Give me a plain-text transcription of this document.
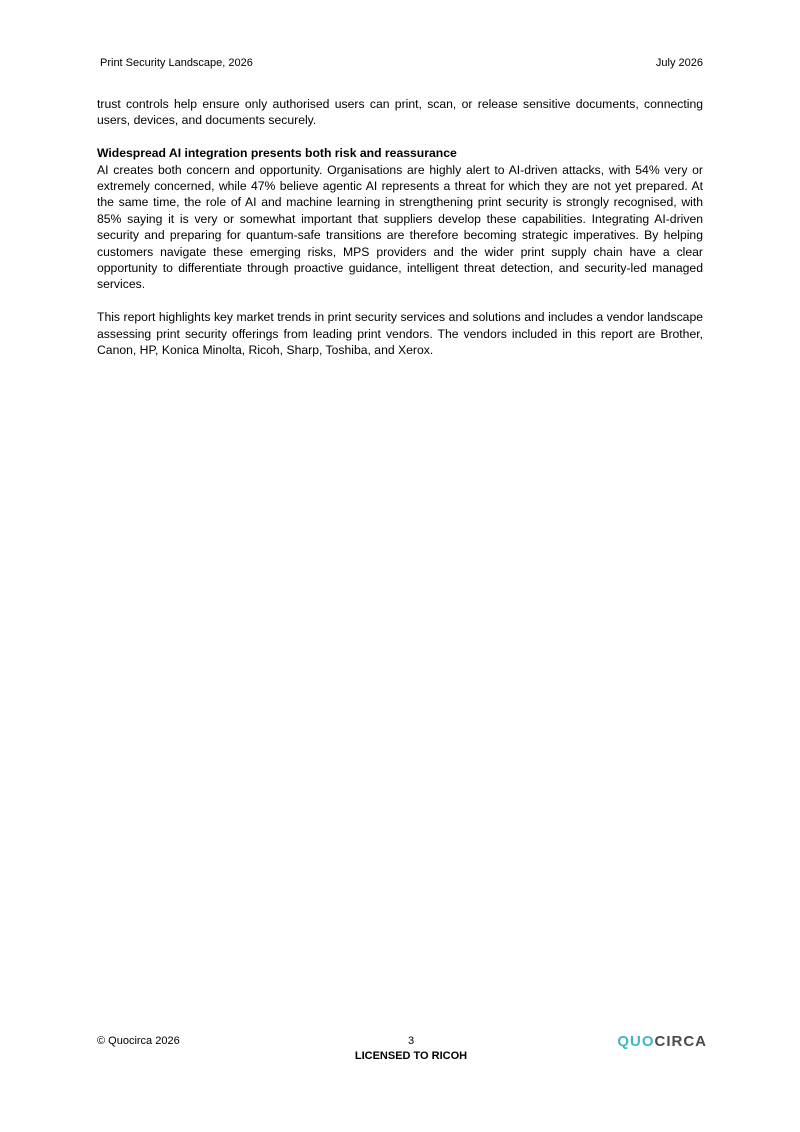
Print Security Landscape, 2026	July 2026

trust controls help ensure only authorised users can print, scan, or release sensitive documents, connecting users, devices, and documents securely.

Widespread AI integration presents both risk and reassurance

AI creates both concern and opportunity. Organisations are highly alert to AI-driven attacks, with 54% very or extremely concerned, while 47% believe agentic AI represents a threat for which they are not yet prepared. At the same time, the role of AI and machine learning in strengthening print security is strongly recognised, with 85% saying it is very or somewhat important that suppliers develop these capabilities. Integrating AI-driven security and preparing for quantum-safe transitions are therefore becoming strategic imperatives. By helping customers navigate these emerging risks, MPS providers and the wider print supply chain have a clear opportunity to differentiate through proactive guidance, intelligent threat detection, and security-led managed services.

This report highlights key market trends in print security services and solutions and includes a vendor landscape assessing print security offerings from leading print vendors. The vendors included in this report are Brother, Canon, HP, Konica Minolta, Ricoh, Sharp, Toshiba, and Xerox.

© Quocirca 2026	3
LICENSED TO RICOH
QUOCIRCA
